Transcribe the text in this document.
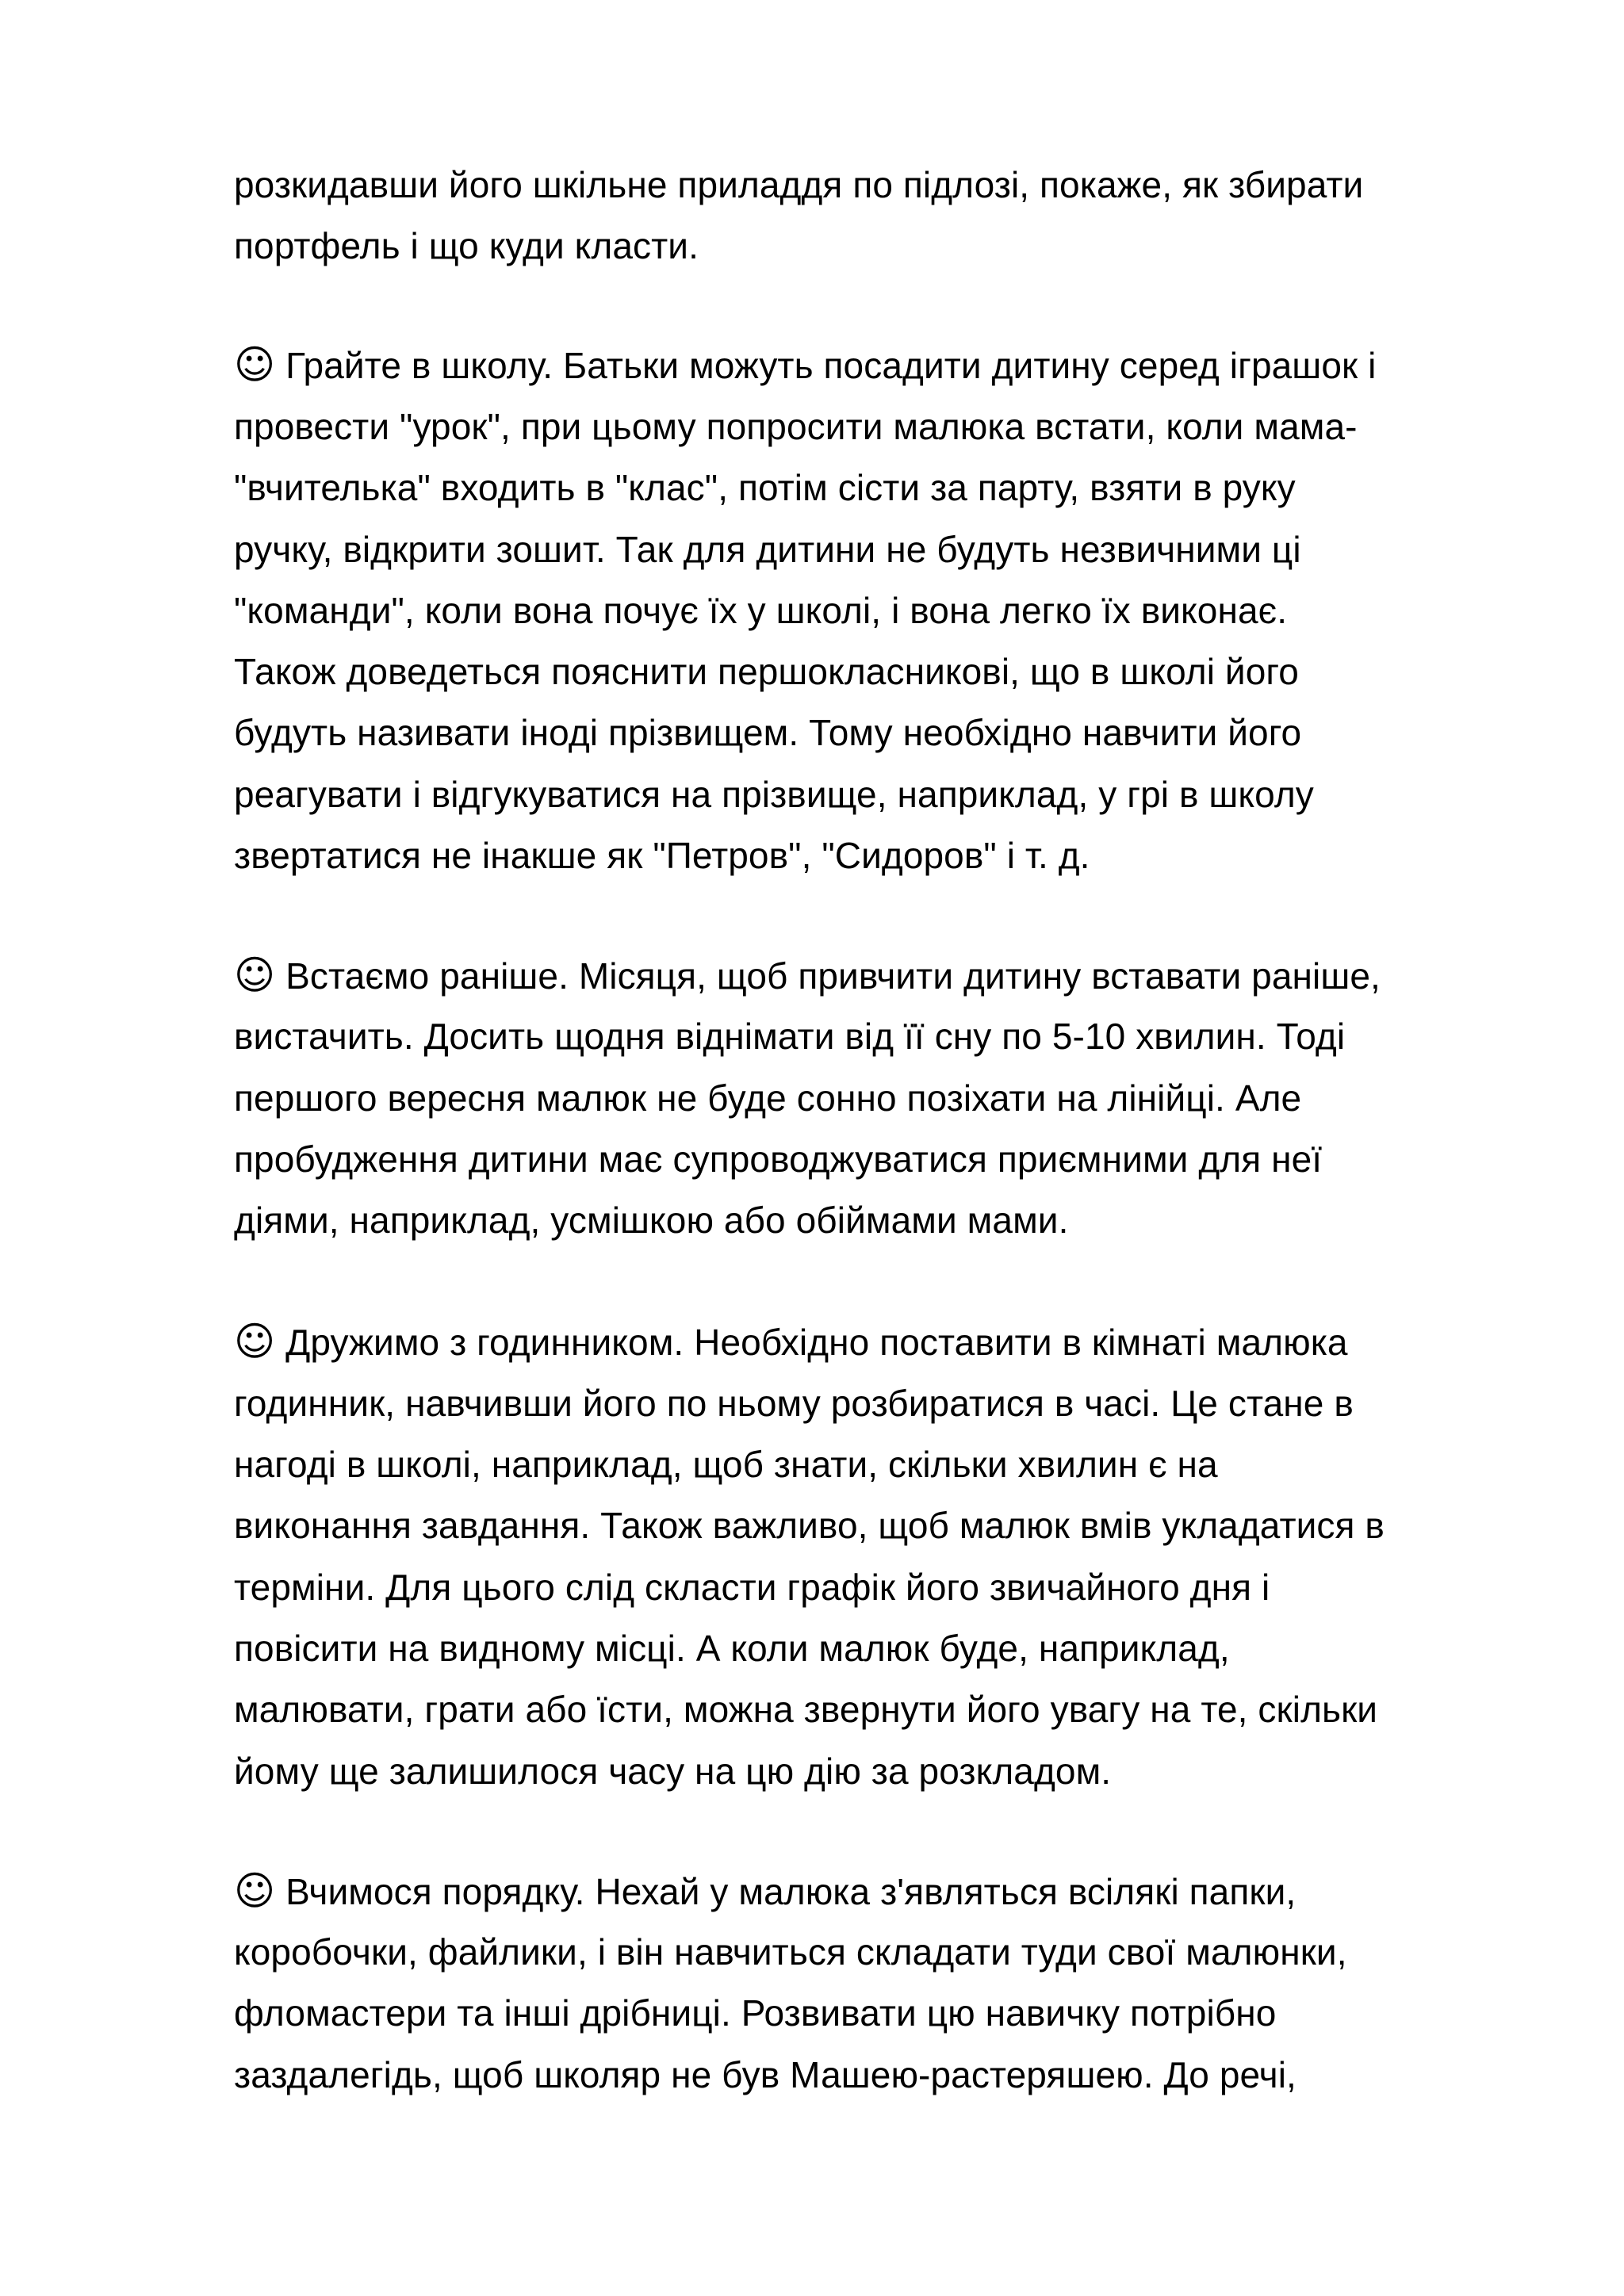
розкидавши його шкільне приладдя по підлозі, покаже, як збирати
портфель і що куди класти.
☺ Грайте в школу. Батьки можуть посадити дитину серед іграшок і
провести "урок", при цьому попросити малюка встати, коли мама-
"вчителька" входить в "клас", потім сісти за парту, взяти в руку
ручку, відкрити зошит. Так для дитини не будуть незвичними ці
"команди", коли вона почує їх у школі, і вона легко їх виконає.
Також доведеться пояснити першокласникові, що в школі його
будуть називати іноді прізвищем. Тому необхідно навчити його
реагувати і відгукуватися на прізвище, наприклад, у грі в школу
звертатися не інакше як "Петров", "Сидоров" і т. д.
☺ Встаємо раніше. Місяця, щоб привчити дитину вставати раніше,
вистачить. Досить щодня віднімати від її сну по 5-10 хвилин. Тоді
першого вересня малюк не буде сонно позіхати на лінійці. Але
пробудження дитини має супроводжуватися приємними для неї
діями, наприклад, усмішкою або обіймами мами.
☺ Дружимо з годинником. Необхідно поставити в кімнаті малюка
годинник, навчивши його по ньому розбиратися в часі. Це стане в
нагоді в школі, наприклад, щоб знати, скільки хвилин є на
виконання завдання. Також важливо, щоб малюк вмів укладатися в
терміни. Для цього слід скласти графік його звичайного дня і
повісити на видному місці. А коли малюк буде, наприклад,
малювати, грати або їсти, можна звернути його увагу на те, скільки
йому ще залишилося часу на цю дію за розкладом.
☺ Вчимося порядку. Нехай у малюка з'являться всілякі папки,
коробочки, файлики, і він навчиться складати туди свої малюнки,
фломастери та інші дрібниці. Розвивати цю навичку потрібно
заздалегідь, щоб школяр не був Машею-растеряшею. До речі,
